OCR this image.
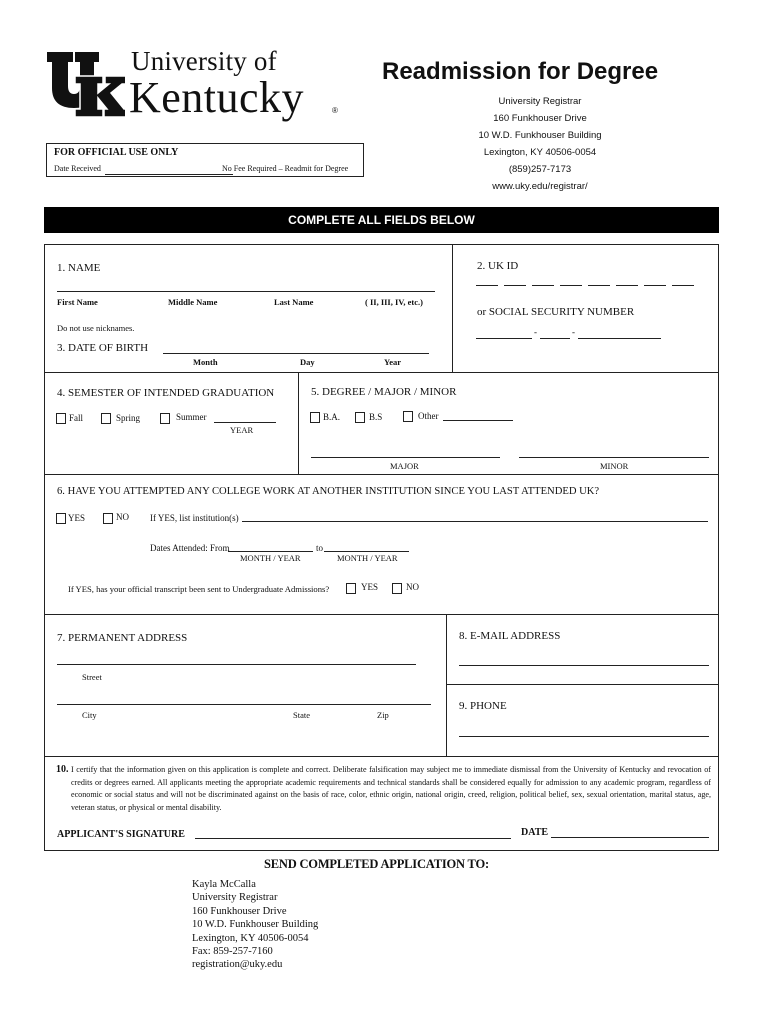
University of
Kentucky	®
Readmission for Degree
University Registrar
160 Funkhouser Drive
10 W.D. Funkhouser Building
Lexington, KY 40506-0054
(859)257-7173
www.uky.edu/registrar/
FOR OFFICIAL USE ONLY
Date Received	No Fee Required – Readmit for Degree
COMPLETE ALL FIELDS BELOW
1. NAME
First Name	Middle Name	Last Name	( II, III, IV, etc.)
Do not use nicknames.
2. UK ID
or SOCIAL SECURITY NUMBER
-	-
3. DATE OF BIRTH
Month	Day	Year
4. SEMESTER OF INTENDED GRADUATION
Fall	Spring	Summer
YEAR
5. DEGREE / MAJOR / MINOR
B.A.	B.S	Other
MAJOR	MINOR
6. HAVE YOU ATTEMPTED ANY COLLEGE WORK AT ANOTHER INSTITUTION SINCE YOU LAST ATTENDED UK?
YES	NO If YES, list institution(s)
Dates Attended: From	to
MONTH / YEAR	MONTH / YEAR
If YES, has your official transcript been sent to Undergraduate Admissions?	YES	NO
7. PERMANENT ADDRESS
Street
City	State	Zip
8. E-MAIL ADDRESS
9. PHONE
10. I certify that the information given on this application is complete and correct. Deliberate falsification may subject me to immediate dismissal from the University of Kentucky and revocation of credits or degrees earned. All applicants meeting the appropriate academic requirements and technical standards shall be considered equally for admission to any academic program, regardless of economic or social status and will not be discriminated against on the basis of race, color, ethnic origin, national origin, creed, religion, political belief, sex, sexual orientation, marital status, age, veteran status, or physical or mental disability.
APPLICANT'S SIGNATURE	DATE
SEND COMPLETED APPLICATION TO:
Kayla McCalla
University Registrar
160 Funkhouser Drive
10 W.D. Funkhouser Building
Lexington, KY 40506-0054
Fax: 859-257-7160
registration@uky.edu
